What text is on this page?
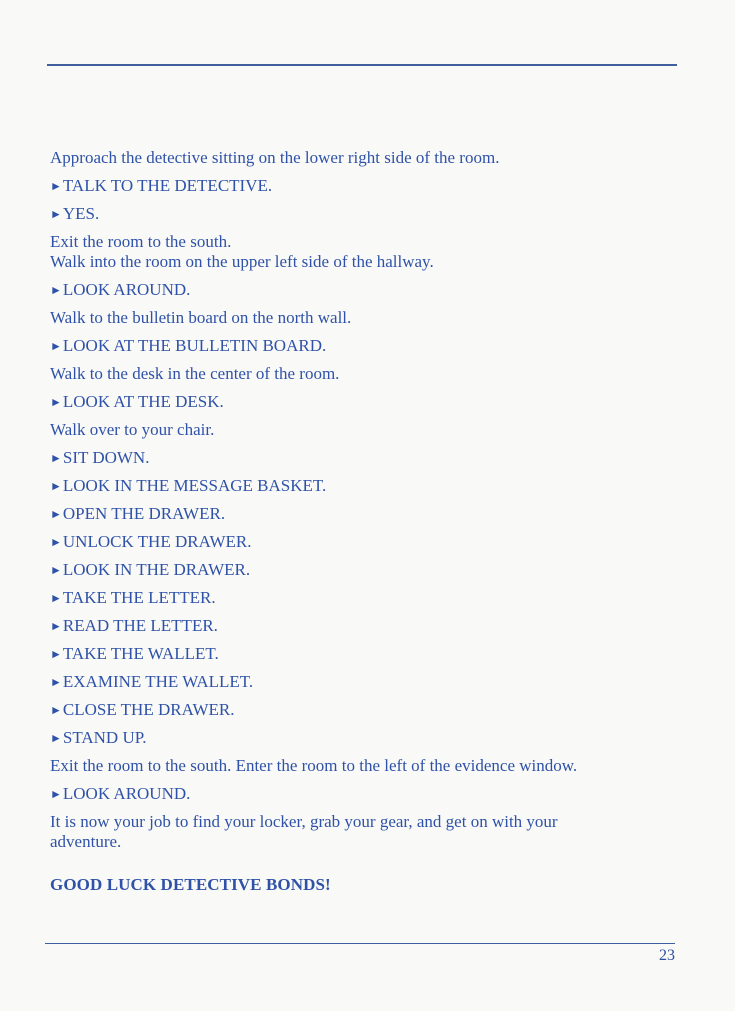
Approach the detective sitting on the lower right side of the room.
►TALK TO THE DETECTIVE.
►YES.
Exit the room to the south.
Walk into the room on the upper left side of the hallway.
►LOOK AROUND.
Walk to the bulletin board on the north wall.
►LOOK AT THE BULLETIN BOARD.
Walk to the desk in the center of the room.
►LOOK AT THE DESK.
Walk over to your chair.
►SIT DOWN.
►LOOK IN THE MESSAGE BASKET.
►OPEN THE DRAWER.
►UNLOCK THE DRAWER.
►LOOK IN THE DRAWER.
►TAKE THE LETTER.
►READ THE LETTER.
►TAKE THE WALLET.
►EXAMINE THE WALLET.
►CLOSE THE DRAWER.
►STAND UP.
Exit the room to the south. Enter the room to the left of the evidence window.
►LOOK AROUND.
It is now your job to find your locker, grab your gear, and get on with your
adventure.
GOOD LUCK DETECTIVE BONDS!
23
